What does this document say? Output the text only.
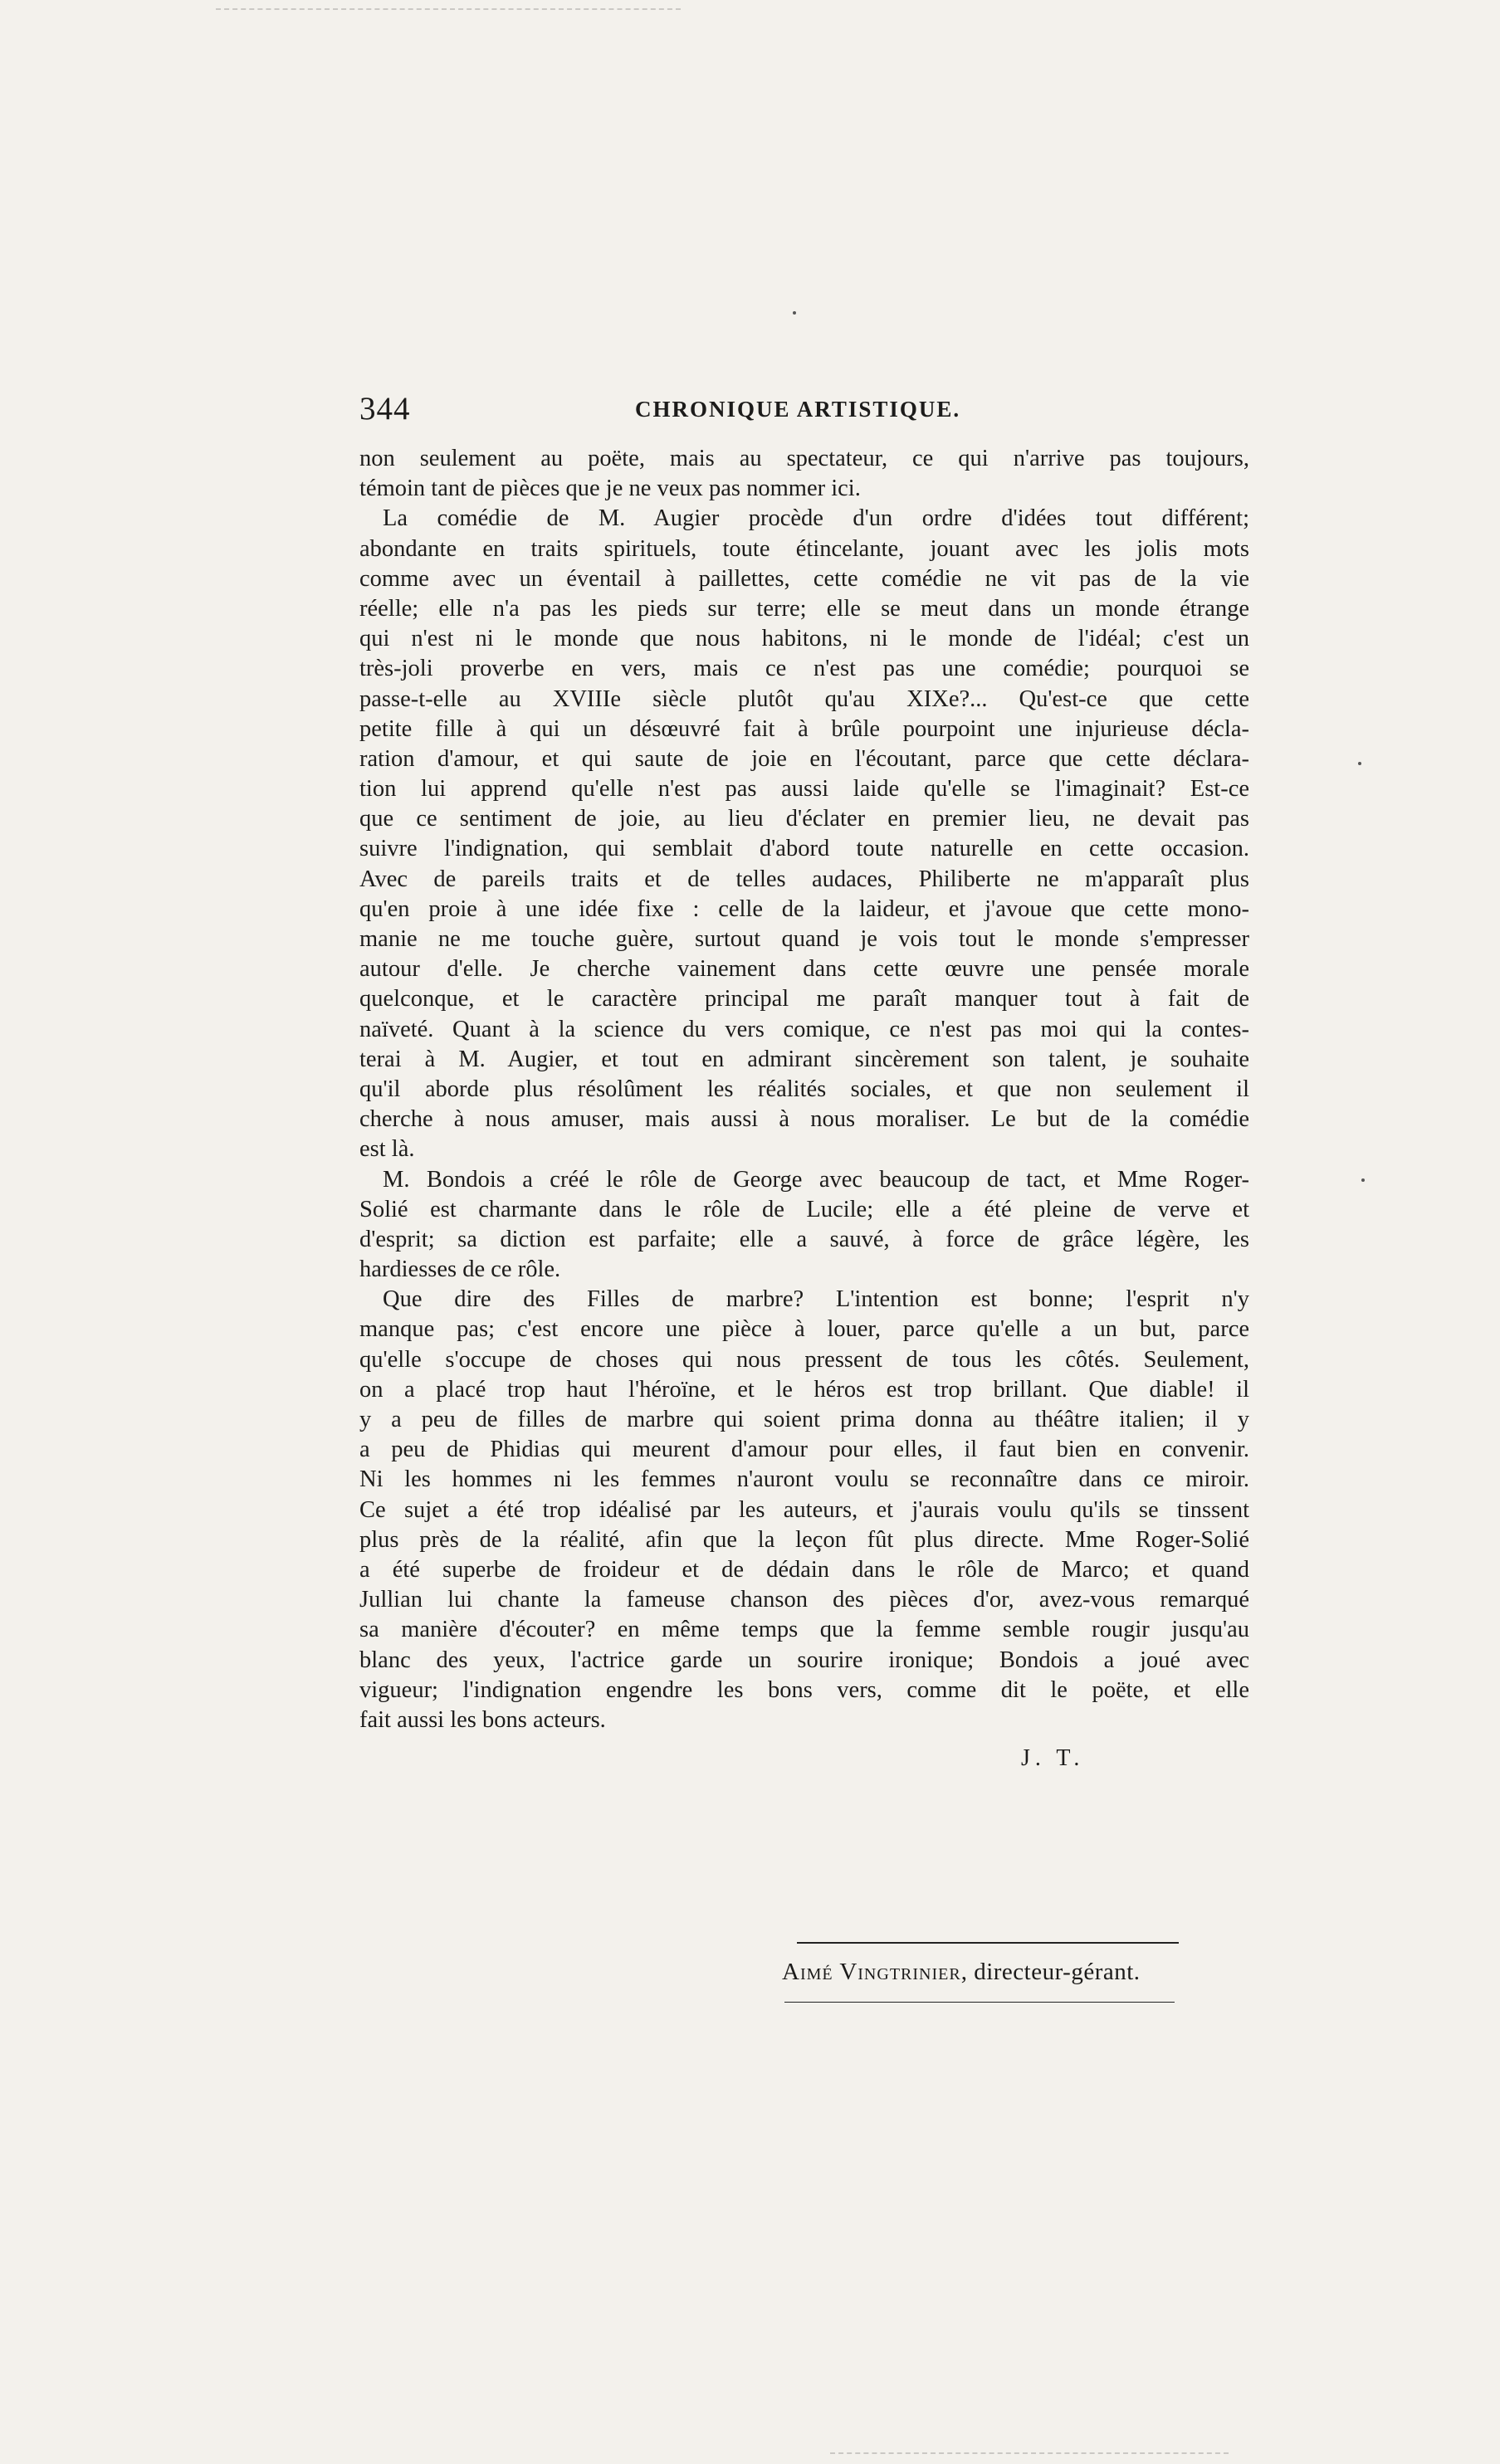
344	CHRONIQUE ARTISTIQUE.
non seulement au poëte, mais au spectateur, ce qui n'arrive pas toujours,
témoin tant de pièces que je ne veux pas nommer ici.
La comédie de M. Augier procède d'un ordre d'idées tout différent;
abondante en traits spirituels, toute étincelante, jouant avec les jolis mots
comme avec un éventail à paillettes, cette comédie ne vit pas de la vie
réelle; elle n'a pas les pieds sur terre; elle se meut dans un monde étrange
qui n'est ni le monde que nous habitons, ni le monde de l'idéal; c'est un
très-joli proverbe en vers, mais ce n'est pas une comédie; pourquoi se
passe-t-elle au XVIIIe siècle plutôt qu'au XIXe?... Qu'est-ce que cette
petite fille à qui un désœuvré fait à brûle pourpoint une injurieuse décla-
ration d'amour, et qui saute de joie en l'écoutant, parce que cette déclara-
tion lui apprend qu'elle n'est pas aussi laide qu'elle se l'imaginait? Est-ce
que ce sentiment de joie, au lieu d'éclater en premier lieu, ne devait pas
suivre l'indignation, qui semblait d'abord toute naturelle en cette occasion.
Avec de pareils traits et de telles audaces, Philiberte ne m'apparaît plus
qu'en proie à une idée fixe : celle de la laideur, et j'avoue que cette mono-
manie ne me touche guère, surtout quand je vois tout le monde s'empresser
autour d'elle. Je cherche vainement dans cette œuvre une pensée morale
quelconque, et le caractère principal me paraît manquer tout à fait de
naïveté. Quant à la science du vers comique, ce n'est pas moi qui la contes-
terai à M. Augier, et tout en admirant sincèrement son talent, je souhaite
qu'il aborde plus résolûment les réalités sociales, et que non seulement il
cherche à nous amuser, mais aussi à nous moraliser. Le but de la comédie
est là.
M. Bondois a créé le rôle de George avec beaucoup de tact, et Mme Roger-
Solié est charmante dans le rôle de Lucile; elle a été pleine de verve et
d'esprit; sa diction est parfaite; elle a sauvé, à force de grâce légère, les
hardiesses de ce rôle.
Que dire des Filles de marbre? L'intention est bonne; l'esprit n'y
manque pas; c'est encore une pièce à louer, parce qu'elle a un but, parce
qu'elle s'occupe de choses qui nous pressent de tous les côtés. Seulement,
on a placé trop haut l'héroïne, et le héros est trop brillant. Que diable! il
y a peu de filles de marbre qui soient prima donna au théâtre italien; il y
a peu de Phidias qui meurent d'amour pour elles, il faut bien en convenir.
Ni les hommes ni les femmes n'auront voulu se reconnaître dans ce miroir.
Ce sujet a été trop idéalisé par les auteurs, et j'aurais voulu qu'ils se tinssent
plus près de la réalité, afin que la leçon fût plus directe. Mme Roger-Solié
a été superbe de froideur et de dédain dans le rôle de Marco; et quand
Jullian lui chante la fameuse chanson des pièces d'or, avez-vous remarqué
sa manière d'écouter? en même temps que la femme semble rougir jusqu'au
blanc des yeux, l'actrice garde un sourire ironique; Bondois a joué avec
vigueur; l'indignation engendre les bons vers, comme dit le poëte, et elle
fait aussi les bons acteurs.
J. T.
Aimé Vingtrinier, directeur-gérant.
